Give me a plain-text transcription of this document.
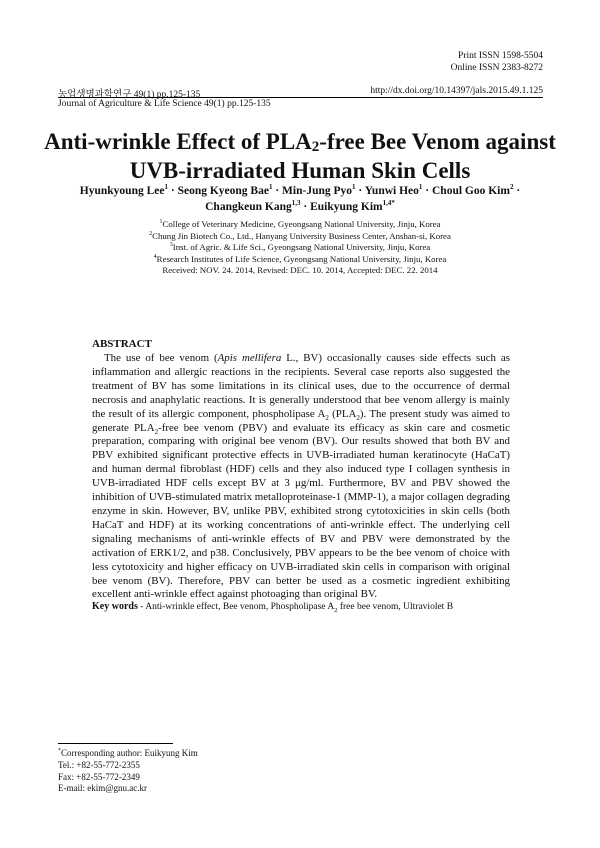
Print ISSN 1598-5504
Online ISSN 2383-8272
농업생명과학연구 49(1) pp.125-135	http://dx.doi.org/10.14397/jals.2015.49.1.125
Journal of Agriculture & Life Science 49(1) pp.125-135
Anti-wrinkle Effect of $PLA_2$-free Bee Venom against
UVB-irradiated Human Skin Cells
Hyunkyoung Lee$^1$ · Seong Kyeong Bae$^1$ · Min-Jung Pyo$^1$ · Yunwi Heo$^1$ · Choul Goo Kim$^2$ ·
Changkeun Kang$^{1,3}$ · Euikyung Kim$^{1,4*}$
$^1$College of Veterinary Medicine, Gyeongsang National University, Jinju, Korea
$^2$Chung Jin Biotech Co., Ltd., Hanyang University Business Center, Anshan-si, Korea
$^3$Inst. of Agric. & Life Sci., Gyeongsang National University, Jinju, Korea
$^4$Research Institutes of Life Science, Gyeongsang National University, Jinju, Korea
Received: NOV. 24. 2014, Revised: DEC. 10. 2014, Accepted: DEC. 22. 2014
ABSTRACT

The use of bee venom (Apis mellifera L., BV) occasionally causes side effects such as inflammation and allergic reactions in the recipients. Several case reports also suggested the treatment of BV has some limitations in its clinical uses, due to the occurrence of dermal necrosis and anaphylatic reactions. It is generally understood that bee venom allergy is mainly the result of its allergic component, phospholipase $A_2$ $(PLA_2)$. The present study was aimed to generate $PLA_2$-free bee venom (PBV) and evaluate its efficacy as skin care and cosmetic preparation, comparing with original bee venom (BV). Our results showed that both BV and PBV exhibited significant protective effects in UVB-irradiated human keratinocyte (HaCaT) and human dermal fibroblast (HDF) cells and they also induced type I collagen synthesis in UVB-irradiated HDF cells except BV at 3 μg/ml. Furthermore, BV and PBV showed the inhibition of UVB-stimulated matrix metalloproteinase-1 (MMP-1), a major collagen degrading enzyme in skin. However, BV, unlike PBV, exhibited strong cytotoxicities in skin cells (both HaCaT and HDF) at its working concentrations of anti-wrinkle effect. The underlying cell signaling mechanisms of anti-wrinkle effects of BV and PBV were demonstrated by the activation of ERK1/2, and p38. Conclusively, PBV appears to be the bee venom of choice with less cytotoxicity and higher efficacy on UVB-irradiated skin cells in comparison with original bee venom (BV). Therefore, PBV can better be used as a cosmetic ingredient exhibiting excellent anti-wrinkle effect against photoaging than original BV.

Key words - Anti-wrinkle effect, Bee venom, Phospholipase $A_2$ free bee venom, Ultraviolet B
*Corresponding author: Euikyung Kim
Tel.: +82-55-772-2355
Fax: +82-55-772-2349
E-mail: ekim@gnu.ac.kr
